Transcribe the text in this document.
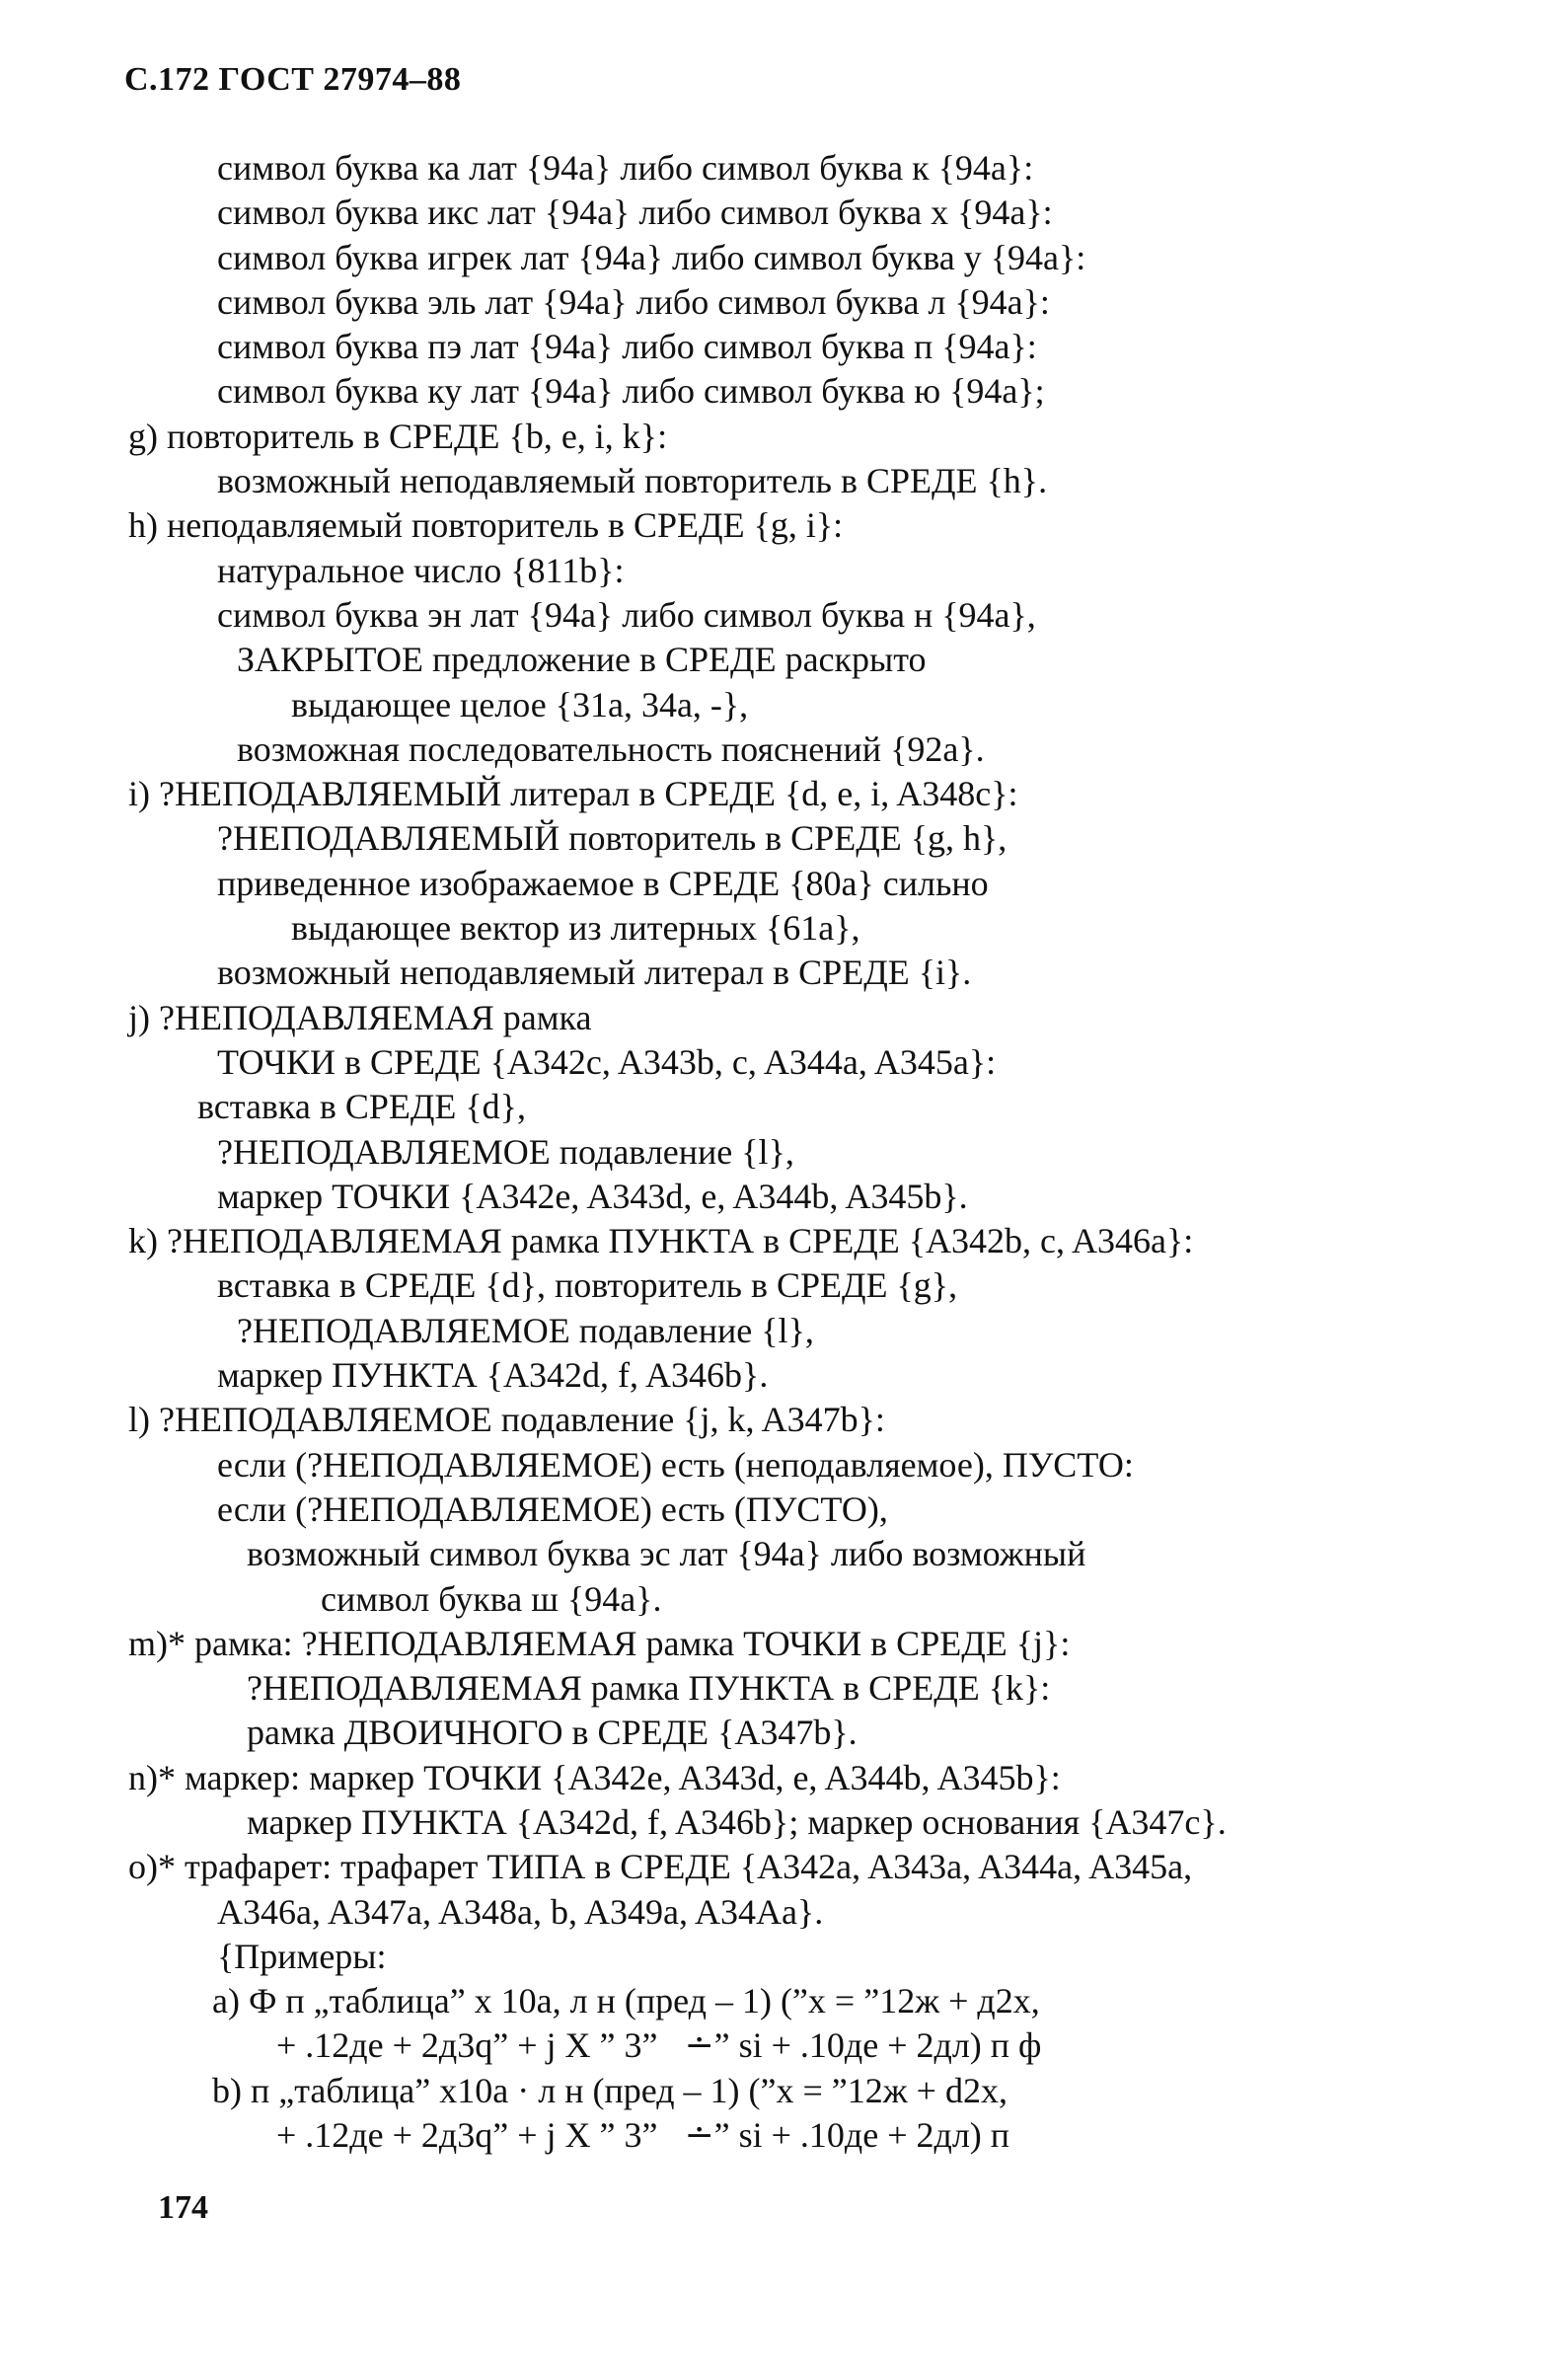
С.172 ГОСТ 27974–88
символ буква ка лат {94а} либо символ буква к {94а}:
символ буква икс лат {94а} либо символ буква х {94а}:
символ буква игрек лат {94а} либо символ буква у {94а}:
символ буква эль лат {94а} либо символ буква л {94а}:
символ буква пэ лат {94а} либо символ буква п {94а}:
символ буква ку лат {94а} либо символ буква ю {94а};
g) повторитель в СРЕДЕ {b, e, i, k}:
возможный неподавляемый повторитель в СРЕДЕ {h}.
h) неподавляемый повторитель в СРЕДЕ {g, i}:
натуральное число {811b}:
символ буква эн лат {94а} либо символ буква н {94а},
ЗАКРЫТОЕ предложение в СРЕДЕ раскрыто
выдающее целое {31а, 34а, -},
возможная последовательность пояснений {92а}.
i) ?НЕПОДАВЛЯЕМЫЙ литерал в СРЕДЕ {d, e, i, A348c}:
?НЕПОДАВЛЯЕМЫЙ повторитель в СРЕДЕ {g, h},
приведенное изображаемое в СРЕДЕ {80а} сильно
выдающее вектор из литерных {61а},
возможный неподавляемый литерал в СРЕДЕ {i}.
j) ?НЕПОДАВЛЯЕМАЯ рамка
ТОЧКИ в СРЕДЕ {A342c, A343b, c, A344a, A345a}:
вставка в СРЕДЕ {d},
?НЕПОДАВЛЯЕМОЕ подавление {l},
маркер ТОЧКИ {A342e, A343d, e, A344b, A345b}.
k) ?НЕПОДАВЛЯЕМАЯ рамка ПУНКТА в СРЕДЕ {A342b, c, A346a}:
вставка в СРЕДЕ {d}, повторитель в СРЕДЕ {g},
?НЕПОДАВЛЯЕМОЕ подавление {l},
маркер ПУНКТА {A342d, f, A346b}.
l) ?НЕПОДАВЛЯЕМОЕ подавление {j, k, A347b}:
если (?НЕПОДАВЛЯЕМОЕ) есть (неподавляемое), ПУСТО:
если (?НЕПОДАВЛЯЕМОЕ) есть (ПУСТО),
возможный символ буква эс лат {94а} либо возможный
символ буква ш {94а}.
m)* рамка: ?НЕПОДАВЛЯЕМАЯ рамка ТОЧКИ в СРЕДЕ {j}:
?НЕПОДАВЛЯЕМАЯ рамка ПУНКТА в СРЕДЕ {k}:
рамка ДВОИЧНОГО в СРЕДЕ {A347b}.
n)* маркер: маркер ТОЧКИ {A342e, A343d, e, A344b, A345b}:
маркер ПУНКТА {A342d, f, A346b}; маркер основания {A347c}.
o)* трафарет: трафарет ТИПА в СРЕДЕ {A342a, A343a, A344a, A345a,
A346a, A347a, A348a, b, A349a, A34Aa}.
{Примеры:
a) Ф п „таблица” х 10а, л н (пред – 1) (”х = ”12ж + д2х,
+ .12де + 2д3q” + j X ” 3”   ∸” si + .10де + 2дл) п ф
b) п „таблица” х10а · л н (пред – 1) (”х = ”12ж + d2x,
+ .12де + 2д3q” + j X ” 3”   ∸” si + .10де + 2дл) п
174
